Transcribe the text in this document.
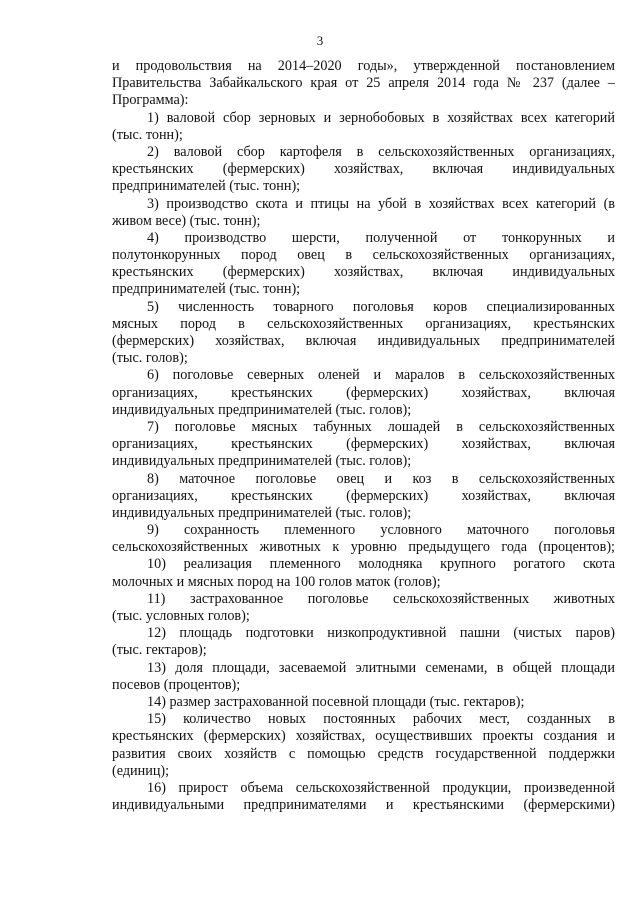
3
и продовольствия на 2014–2020 годы», утвержденной постановлением
Правительства Забайкальского края от 25 апреля 2014 года № 237 (далее –
Программа):
1) валовой сбор зерновых и зернобобовых в хозяйствах всех категорий
(тыс. тонн);
2) валовой сбор картофеля в сельскохозяйственных организациях,
крестьянских (фермерских) хозяйствах, включая индивидуальных
предпринимателей (тыс. тонн);
3) производство скота и птицы на убой в хозяйствах всех категорий (в
живом весе) (тыс. тонн);
4) производство шерсти, полученной от тонкорунных и
полутонкорунных пород овец в сельскохозяйственных организациях,
крестьянских (фермерских) хозяйствах, включая индивидуальных
предпринимателей (тыс. тонн);
5) численность товарного поголовья коров специализированных
мясных пород в сельскохозяйственных организациях, крестьянских
(фермерских) хозяйствах, включая индивидуальных предпринимателей
(тыс. голов);
6) поголовье северных оленей и маралов в сельскохозяйственных
организациях, крестьянских (фермерских) хозяйствах, включая
индивидуальных предпринимателей (тыс. голов);
7) поголовье мясных табунных лошадей в сельскохозяйственных
организациях, крестьянских (фермерских) хозяйствах, включая
индивидуальных предпринимателей (тыс. голов);
8) маточное поголовье овец и коз в сельскохозяйственных
организациях, крестьянских (фермерских) хозяйствах, включая
индивидуальных предпринимателей (тыс. голов);
9) сохранность племенного условного маточного поголовья
сельскохозяйственных животных к уровню предыдущего года (процентов);
10) реализация племенного молодняка крупного рогатого скота
молочных и мясных пород на 100 голов маток (голов);
11) застрахованное поголовье сельскохозяйственных животных
(тыс. условных голов);
12) площадь подготовки низкопродуктивной пашни (чистых паров)
(тыс. гектаров);
13) доля площади, засеваемой элитными семенами, в общей площади
посевов (процентов);
14) размер застрахованной посевной площади (тыс. гектаров);
15) количество новых постоянных рабочих мест, созданных в
крестьянских (фермерских) хозяйствах, осуществивших проекты создания и
развития своих хозяйств с помощью средств государственной поддержки
(единиц);
16) прирост объема сельскохозяйственной продукции, произведенной
индивидуальными предпринимателями и крестьянскими (фермерскими)
